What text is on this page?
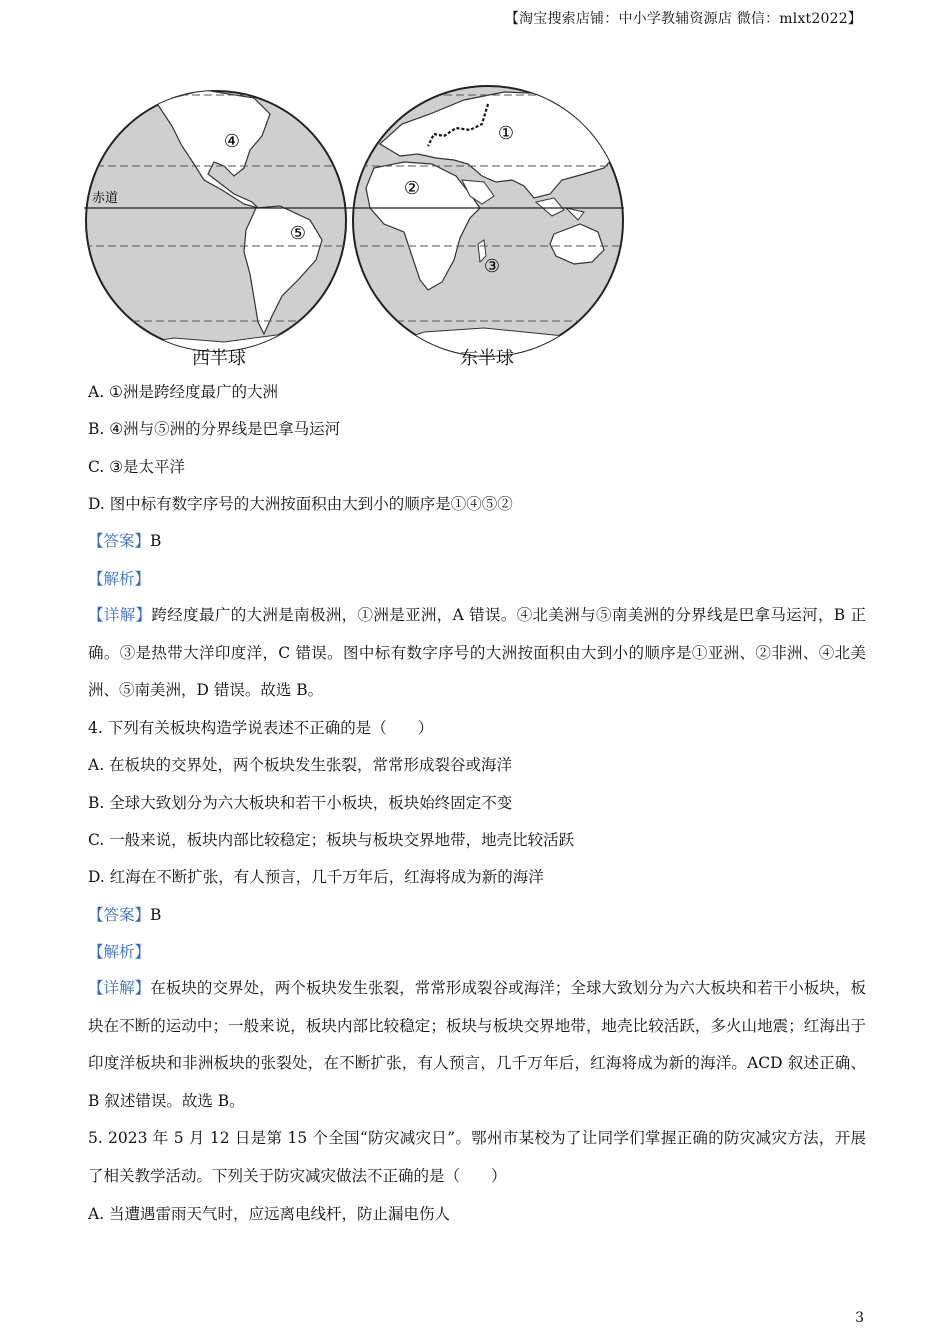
【淘宝搜索店铺：中小学教辅资源店 微信：mlxt2022】
④
⑤
①
②
③
赤道
西半球	东半球
A. ①洲是跨经度最广的大洲
B. ④洲与⑤洲的分界线是巴拿马运河
C. ③是太平洋
D. 图中标有数字序号的大洲按面积由大到小的顺序是①④⑤②
【答案】B
【解析】
【详解】跨经度最广的大洲是南极洲，①洲是亚洲，A 错误。④北美洲与⑤南美洲的分界线是巴拿马运河，B 正确。③是热带大洋印度洋，C 错误。图中标有数字序号的大洲按面积由大到小的顺序是①亚洲、②非洲、④北美洲、⑤南美洲，D 错误。故选 B。
4. 下列有关板块构造学说表述不正确的是（　　）
A. 在板块的交界处，两个板块发生张裂，常常形成裂谷或海洋
B. 全球大致划分为六大板块和若干小板块，板块始终固定不变
C. 一般来说，板块内部比较稳定；板块与板块交界地带，地壳比较活跃
D. 红海在不断扩张，有人预言，几千万年后，红海将成为新的海洋
【答案】B
【解析】
【详解】在板块的交界处，两个板块发生张裂，常常形成裂谷或海洋；全球大致划分为六大板块和若干小板块，板块在不断的运动中；一般来说，板块内部比较稳定；板块与板块交界地带，地壳比较活跃，多火山地震；红海出于印度洋板块和非洲板块的张裂处，在不断扩张，有人预言，几千万年后，红海将成为新的海洋。ACD 叙述正确、B 叙述错误。故选 B。
5. 2023 年 5 月 12 日是第 15 个全国“防灾减灾日”。鄂州市某校为了让同学们掌握正确的防灾减灾方法，开展了相关教学活动。下列关于防灾减灾做法不正确的是（　　）
A. 当遭遇雷雨天气时，应远离电线杆，防止漏电伤人
3
